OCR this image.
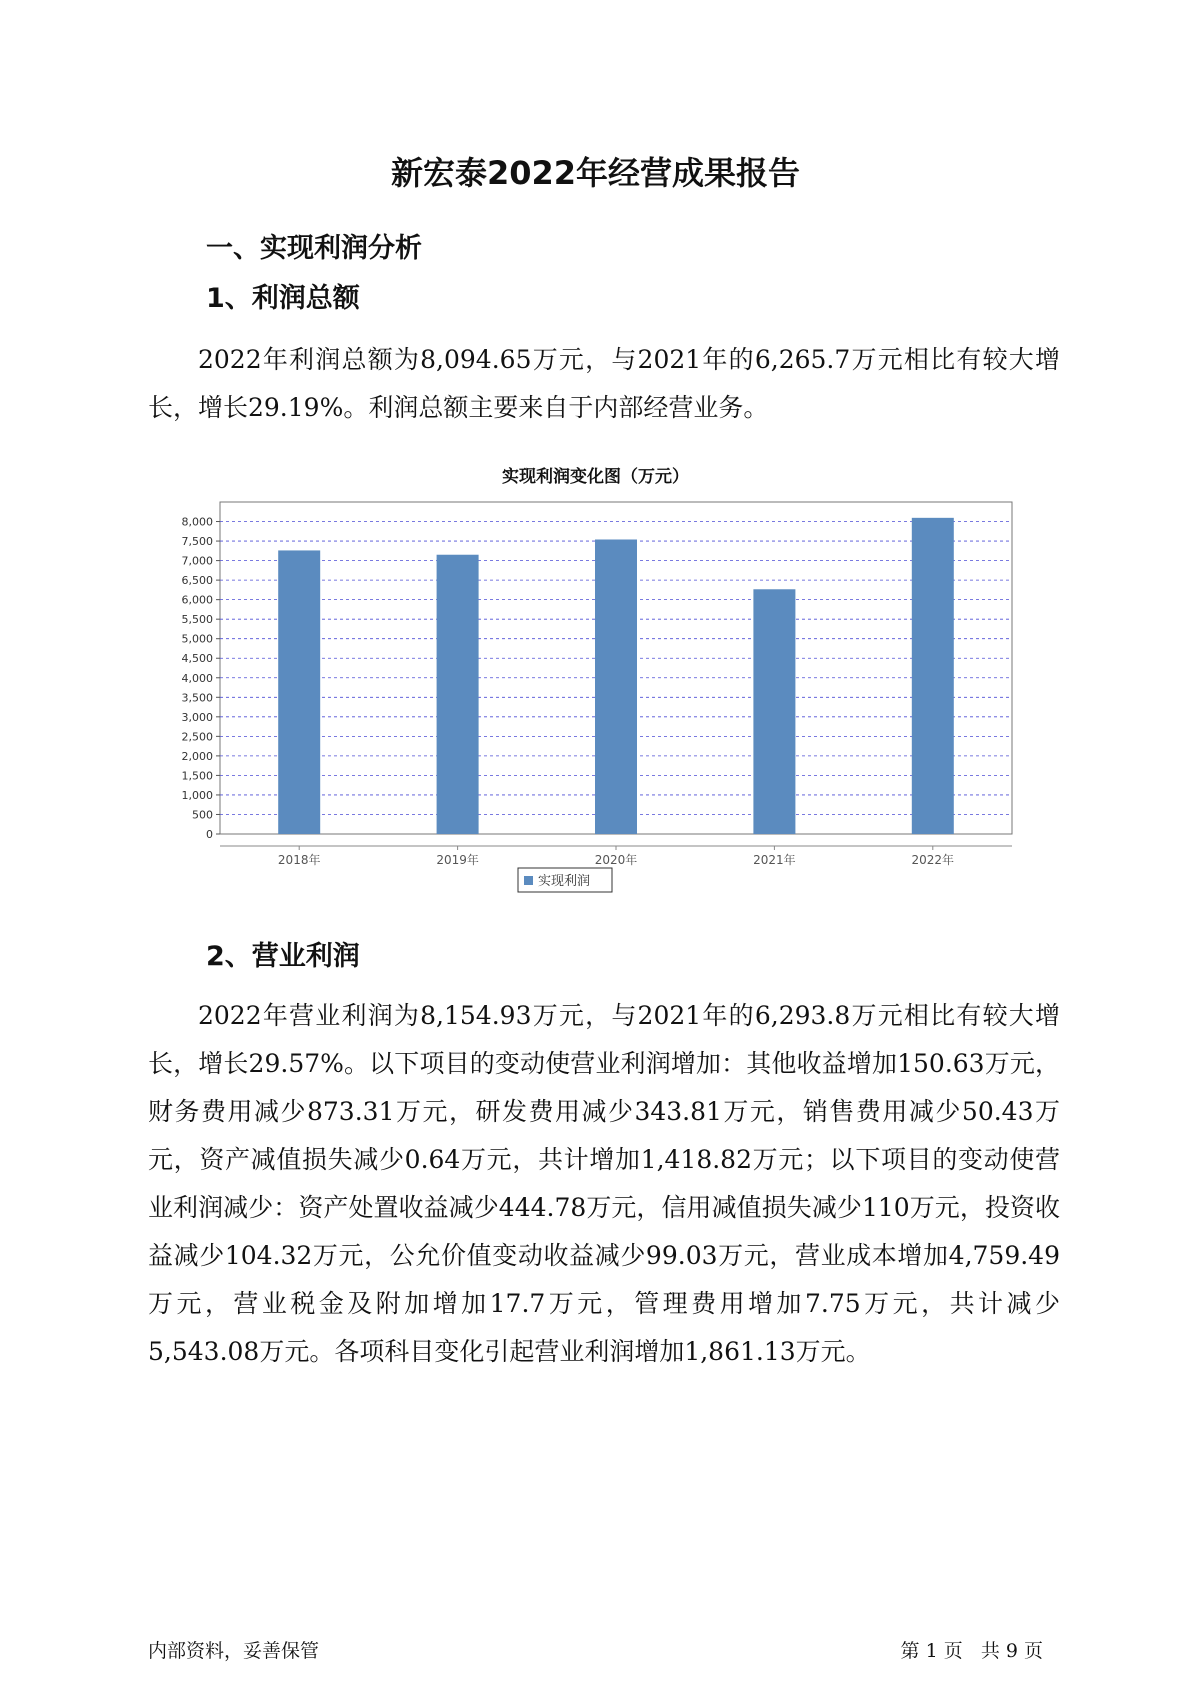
新宏泰2022年经营成果报告
一、实现利润分析
1、利润总额
2022年利润总额为8,094.65万元，与2021年的6,265.7万元相比有较大增长，增长29.19%。利润总额主要来自于内部经营业务。
实现利润变化图（万元）
0
500
1,000
1,500
2,000
2,500
3,000
3,500
4,000
4,500
5,000
5,500
6,000
6,500
7,000
7,500
8,000
2018年	2019年	2020年	2021年	2022年
实现利润
2、营业利润
2022年营业利润为8,154.93万元，与2021年的6,293.8万元相比有较大增长，增长29.57%。以下项目的变动使营业利润增加：其他收益增加150.63万元，财务费用减少873.31万元，研发费用减少343.81万元，销售费用减少50.43万元，资产减值损失减少0.64万元，共计增加1,418.82万元；以下项目的变动使营业利润减少：资产处置收益减少444.78万元，信用减值损失减少110万元，投资收益减少104.32万元，公允价值变动收益减少99.03万元，营业成本增加4,759.49万元，营业税金及附加增加17.7万元，管理费用增加7.75万元，共计减少5,543.08万元。各项科目变化引起营业利润增加1,861.13万元。
内部资料，妥善保管	第 1 页   共 9 页
